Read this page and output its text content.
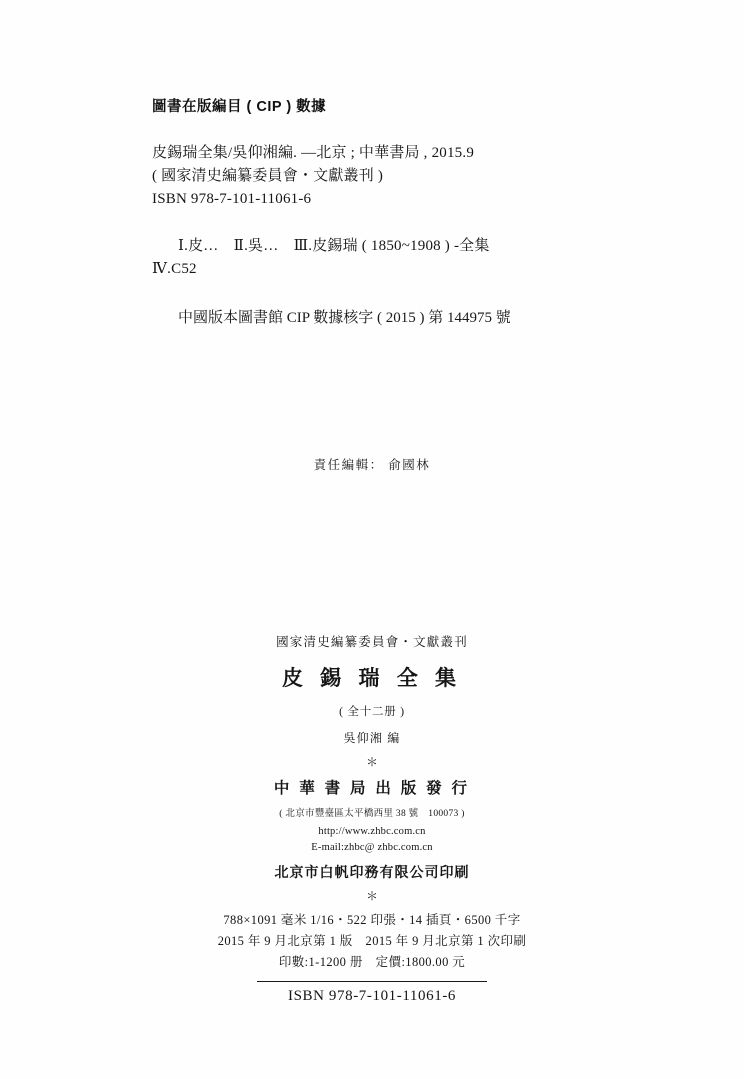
圖書在版編目 ( CIP ) 數據
皮錫瑞全集/吳仰湘編. —北京 ; 中華書局 , 2015.9
( 國家清史編纂委員會・文獻叢刊 )
ISBN 978-7-101-11061-6
Ⅰ.皮…　Ⅱ.吳…　Ⅲ.皮錫瑞 ( 1850~1908 ) -全集
Ⅳ.C52
中國版本圖書館 CIP 數據核字 ( 2015 ) 第 144975 號
責任編輯： 俞國林
國家清史編纂委員會・文獻叢刊
皮 錫 瑞 全 集
( 全十二册 )
吳仰湘 編
＊
中 華 書 局 出 版 發 行
( 北京市豐臺區太平橋西里 38 號　100073 )
http://www.zhbc.com.cn
E-mail:zhbc@ zhbc.com.cn
北京市白帆印務有限公司印刷
＊
788×1091 毫米 1/16・522 印張・14 插頁・6500 千字
2015 年 9 月北京第 1 版　2015 年 9 月北京第 1 次印刷
印數:1-1200 册　定價:1800.00 元
ISBN 978-7-101-11061-6
